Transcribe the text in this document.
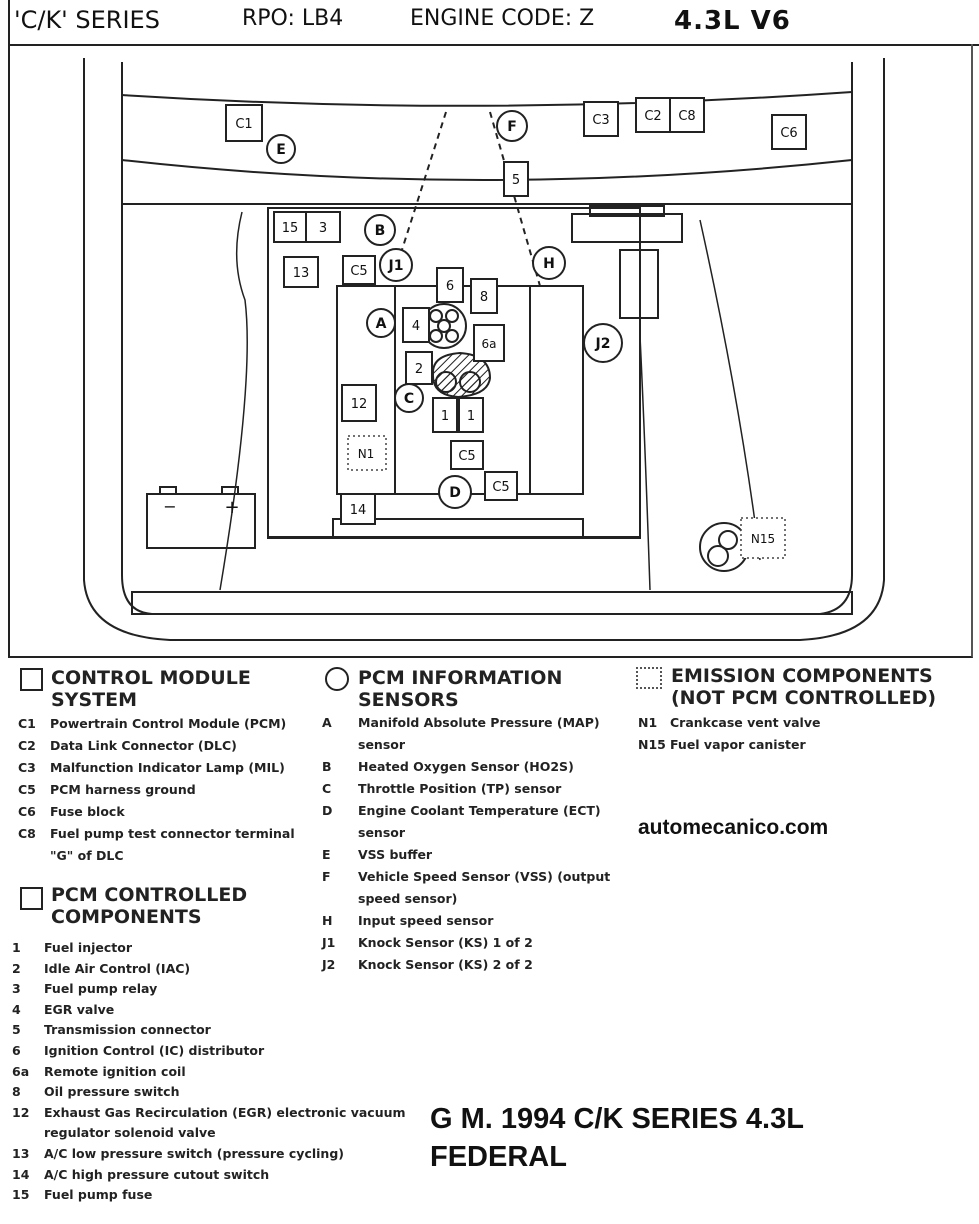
'C/K' SERIES	RPO: LB4	ENGINE CODE: Z	4.3L V6
C1	C3	C2 C8
C6
5
15 3
13	C5
6
8
4
6a
2
12
1 1
C5
C5
14
N1
N15
E
F
B
J1	H
A
J2
C
D
−	+
CONTROL MODULE
SYSTEM
C1 Powertrain Control Module (PCM)
C2 Data Link Connector (DLC)
C3 Malfunction Indicator Lamp (MIL)
C5 PCM harness ground
C6 Fuse block
C8 Fuel pump test connector terminal
"G" of DLC
PCM CONTROLLED
COMPONENTS
1 Fuel injector
2 Idle Air Control (IAC)
3 Fuel pump relay
4 EGR valve
5 Transmission connector
6 Ignition Control (IC) distributor
6a Remote ignition coil
8 Oil pressure switch
12 Exhaust Gas Recirculation (EGR) electronic vacuum
regulator solenoid valve
13 A/C low pressure switch (pressure cycling)
14 A/C high pressure cutout switch
15 Fuel pump fuse
PCM INFORMATION
SENSORS
A Manifold Absolute Pressure (MAP)
sensor
B Heated Oxygen Sensor (HO2S)
C Throttle Position (TP) sensor
D Engine Coolant Temperature (ECT)
sensor
E VSS buffer
F Vehicle Speed Sensor (VSS) (output
speed sensor)
H Input speed sensor
J1 Knock Sensor (KS) 1 of 2
J2 Knock Sensor (KS) 2 of 2
EMISSION COMPONENTS
(NOT PCM CONTROLLED)
N1 Crankcase vent valve
N15 Fuel vapor canister
automecanico.com
G M. 1994 C/K SERIES 4.3L
FEDERAL
